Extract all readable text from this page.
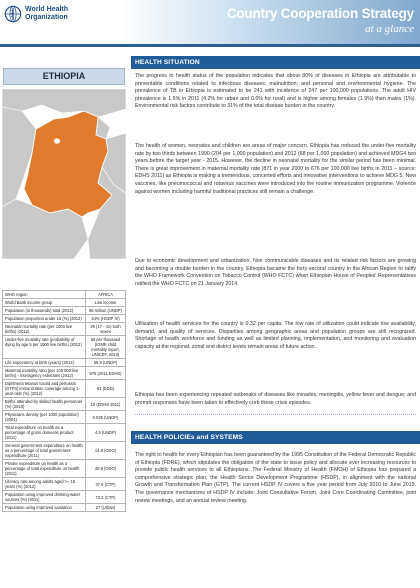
World Health
Organization	Country Cooperation Strategy
at a glance
ETHIOPIA
WHO region	AFRICA
World Bank income group	Low income
Population (in thousands) total (2012)	86 million (UNDP)
Population proportion under 15 (%) (2012)	44% (HSDP IV)
Neonatal mortality rate (per 1000 live births) (2012)	29 (17 - 41) both sexes
Under-five mortality rate (probability of dying by age 5 per 1000 live births) (2012)	68 per thousand (IGME child mortality report, UNICEF, 2013)
Life expectancy at birth (years) (2012)	59.9 (UNDP)
Maternal mortality ratio (per 100 000 live births) - Interagency estimates (2012)	676 (2011 EDHS)
Diphtheria tetanus toxoid and pertussis (DTP3) immunization coverage among 1-year-olds (%) (2012)	61 (EDD)
Births attended by skilled health personnel (%) (2010)	10 (EDHS 2011)
Physicians density (per 1000 population) (2004)	0.025 (UNDP)
Total expenditure on health as a percentage of gross domestic product (2011)	4.9 (UNDP)
General government expenditure on health as a percentage of total government expenditure (2011)	14.8 (GDO)
Private expenditure on health as a percentage of total expenditure on health (2011)	40.9 (GDO)
Literacy rate among adults aged >= 15 years (%) (2012)	37.6 (CTP)
Population using improved drinking-water sources (%) (2011)	73.3 (CTP)
Population using improved sanitation	27 (Urban)
HEALTH SITUATION

The progress in health status of the population indicates that about 80% of diseases in Ethiopia are attributable to preventable conditions related to infectious diseases, malnutrition; and personal and environmental hygiene. The prevalence of TB in Ethiopia is estimated to be 241 with incidence of 247 per 100,000 populations. The adult HIV prevalence is 1.5% in 2011 (4.2% for urban and 0.6% for rural) and is higher among females (1.9%) than males (1%). Environmental risk factors contribute to 31% of the total disease burden in the country.

The health of women, neonates and children are areas of major concern. Ethiopia has reduced the under-five mortality rate by two thirds between 1990 (204 per 1,000 population) and 2012 (68 per 1,000 population) and achieved MDG4 two years before the target year - 2015. However, the decline in neonatal mortality for the similar period has been minimal. There is great improvement in maternal mortality rate (871 in year 2000 to 676 per 100,000 live births in 2011 – source: EDHS 2011) as Ethiopia is making a tremendous, concerted efforts and innovative interventions to achieve MDG 5. New vaccines, like pneumococcal and rotavirus vaccines were introduced into the routine immunization programme. Violence against women including harmful traditional practices still remain a challenge.

Due to economic development and urbanization, Non communicable diseases and its related risk factors are growing and becoming a double burden in the country. Ethiopia became the forty-second country in the African Region to ratify the WHO Framework Convention on Tobacco Control (WHO FCTC) when Ethiopian House of Peoples' Representatives ratified the WHO FCTC on 21 January 2014.

Utilization of health services for the country is 0.32 per capita. The low rate of utilization could indicate low availability, demand, and quality of services. Disparities among geographic areas and population groups are still recognized. Shortage of health workforce and funding as well as limited planning, implementation, and monitoring and evaluation capacity at the regional, zonal and district levels remain areas of future action.

Ethiopia has been experiencing repeated outbreaks of diseases like measles, meningitis, yellow fever and dengue; and prompt responses have been taken to effectively curb these crisis episodes.

HEALTH POLICIEs and SYSTEMS

The right to health for every Ethiopian has been guaranteed by the 1995 Constitution of the Federal Democratic Republic of Ethiopia (FDRE), which stipulates the obligation of the state to issue policy and allocate ever increasing resources to provide public health services to all Ethiopians. The Federal Ministry of Health (FMOH) of Ethiopia has prepared a comprehensive strategic plan, the Health Sector Development Programme (HSDP), in alignment with the national Growth and Transformation Plan (GTP). The current HSDP IV covers a five year period from July 2010 to June 2015. The governance mechanisms of HSDP IV include: Joint Consultative Forum, Joint Core Coordinating Committee, joint review meetings, and an annual review meeting.
